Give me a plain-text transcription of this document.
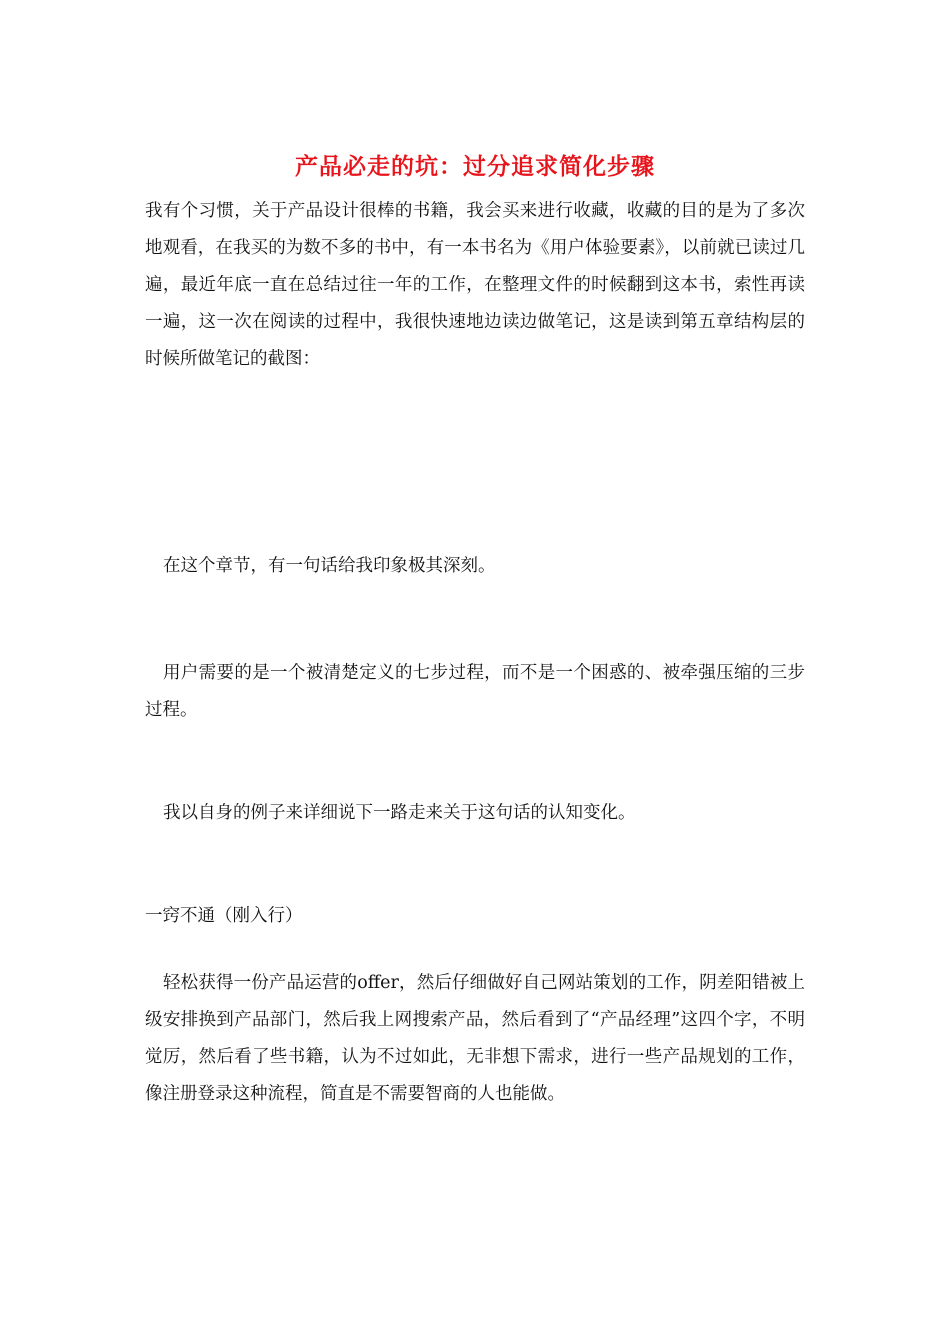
产品必走的坑：过分追求简化步骤

我有个习惯，关于产品设计很棒的书籍，我会买来进行收藏，收藏的目的是为了多次地观看，在我买的为数不多的书中，有一本书名为《用户体验要素》，以前就已读过几遍，最近年底一直在总结过往一年的工作，在整理文件的时候翻到这本书，索性再读一遍，这一次在阅读的过程中，我很快速地边读边做笔记，这是读到第五章结构层的时候所做笔记的截图：

在这个章节，有一句话给我印象极其深刻。

用户需要的是一个被清楚定义的七步过程，而不是一个困惑的、被牵强压缩的三步过程。

我以自身的例子来详细说下一路走来关于这句话的认知变化。

一窍不通（刚入行）

轻松获得一份产品运营的offer，然后仔细做好自己网站策划的工作，阴差阳错被上级安排换到产品部门，然后我上网搜索产品，然后看到了“产品经理”这四个字，不明觉厉，然后看了些书籍，认为不过如此，无非想下需求，进行一些产品规划的工作，像注册登录这种流程，简直是不需要智商的人也能做。
